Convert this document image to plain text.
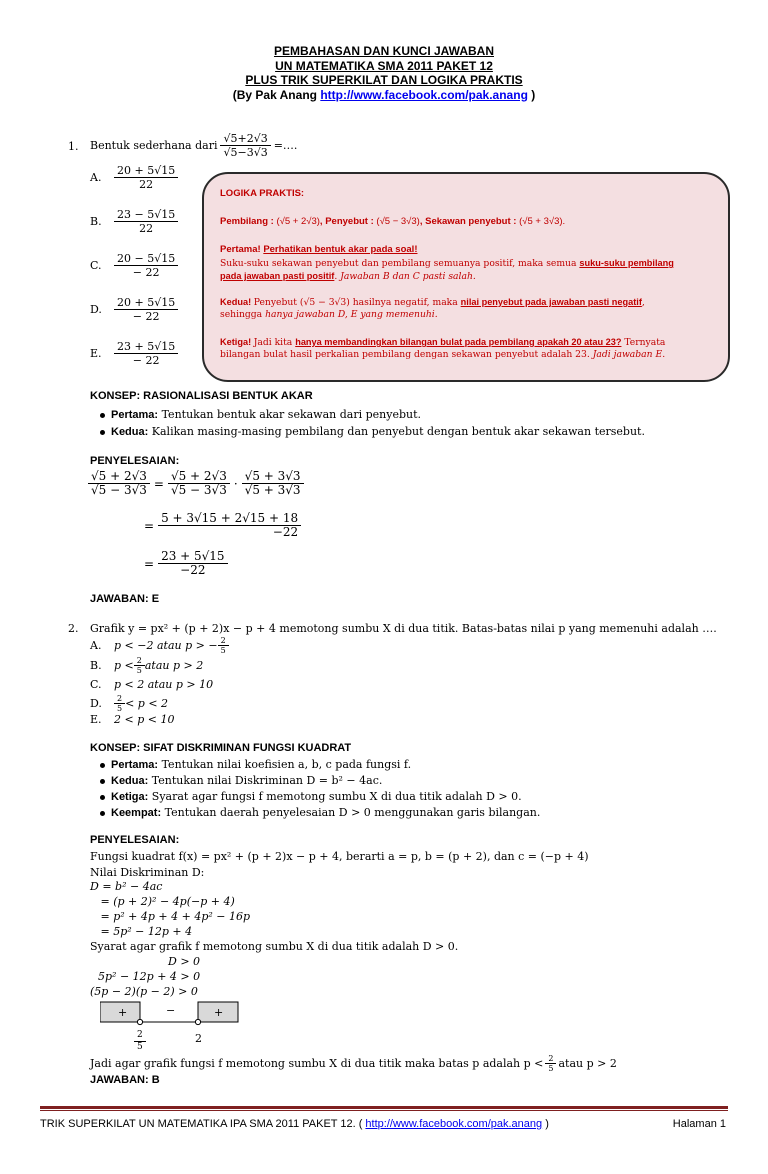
PEMBAHASAN DAN KUNCI JAWABAN
UN MATEMATIKA SMA 2011 PAKET 12
PLUS TRIK SUPERKILAT DAN LOGIKA PRAKTIS
(By Pak Anang http://www.facebook.com/pak.anang )
1. Bentuk sederhana dari $\frac{√5+2√3}{√5-3√3}$ =….
A.	$\frac{20 + 5√15}{22}$
B.	$\frac{23 - 5√15}{22}$
C.	$\frac{20 - 5√15}{- 22}$
D.	$\frac{20 + 5√15}{- 22}$
E.	$\frac{23 + 5√15}{- 22}$
LOGIKA PRAKTIS:
Pembilang : (√5 + 2√3), Penyebut : (√5 − 3√3), Sekawan penyebut : (√5 + 3√3).
Pertama! Perhatikan bentuk akar pada soal!
Suku-suku sekawan penyebut dan pembilang semuanya positif, maka semua suku-suku pembilang
pada jawaban pasti positif. Jawaban B dan C pasti salah.
Kedua! Penyebut (√5 − 3√3) hasilnya negatif, maka nilai penyebut pada jawaban pasti negatif,
sehingga hanya jawaban D, E yang memenuhi.
Ketiga! Jadi kita hanya membandingkan bilangan bulat pada pembilang apakah 20 atau 23? Ternyata
bilangan bulat hasil perkalian pembilang dengan sekawan penyebut adalah 23. Jadi jawaban E.
KONSEP: RASIONALISASI BENTUK AKAR
Pertama: Tentukan bentuk akar sekawan dari penyebut.
Kedua: Kalikan masing-masing pembilang dan penyebut dengan bentuk akar sekawan tersebut.
PENYELESAIAN:
$\frac{√5 + 2√3}{√5 - 3√3} = \frac{√5 + 2√3}{√5 - 3√3} \cdot \frac{√5 + 3√3}{√5 + 3√3}$
= $\frac{5 + 3√15 + 2√15 + 18}{-22}$
= $\frac{23 + 5√15}{-22}$
JAWABAN: E
2. Grafik y = px² + (p + 2)x − p + 4 memotong sumbu X di dua titik. Batas-batas nilai p yang memenuhi adalah ….
A.	p < −2 atau p > − $\frac{2}{5}$
B.	$p < \frac{2}{5}$ atau p > 2
C.	p < 2 atau p > 10
D.	$\frac{2}{5} < p < 2$
E.	2 < p < 10
KONSEP: SIFAT DISKRIMINAN FUNGSI KUADRAT
Pertama: Tentukan nilai koefisien a, b, c pada fungsi f.
Kedua: Tentukan nilai Diskriminan D = b² − 4ac.
Ketiga: Syarat agar fungsi f memotong sumbu X di dua titik adalah D > 0.
Keempat: Tentukan daerah penyelesaian D > 0 menggunakan garis bilangan.
PENYELESAIAN:
Fungsi kuadrat f(x) = px² + (p + 2)x − p + 4, berarti a = p, b = (p + 2), dan c = (−p + 4)
Nilai Diskriminan D:
D = b² − 4ac
= (p + 2)² − 4p(−p + 4)
= p² + 4p + 4 + 4p² − 16p
= 5p² − 12p + 4
Syarat agar grafik f memotong sumbu X di dua titik adalah D > 0.
D > 0
5p² − 12p + 4 > 0
(5p − 2)(p − 2) > 0
+	−	+
$\frac{2}{5}$	2
Jadi agar grafik fungsi f memotong sumbu X di dua titik maka batas p adalah $p < \frac{2}{5}$ atau p > 2
JAWABAN: B
TRIK SUPERKILAT UN MATEMATIKA IPA SMA 2011 PAKET 12. ( http://www.facebook.com/pak.anang )	Halaman 1
